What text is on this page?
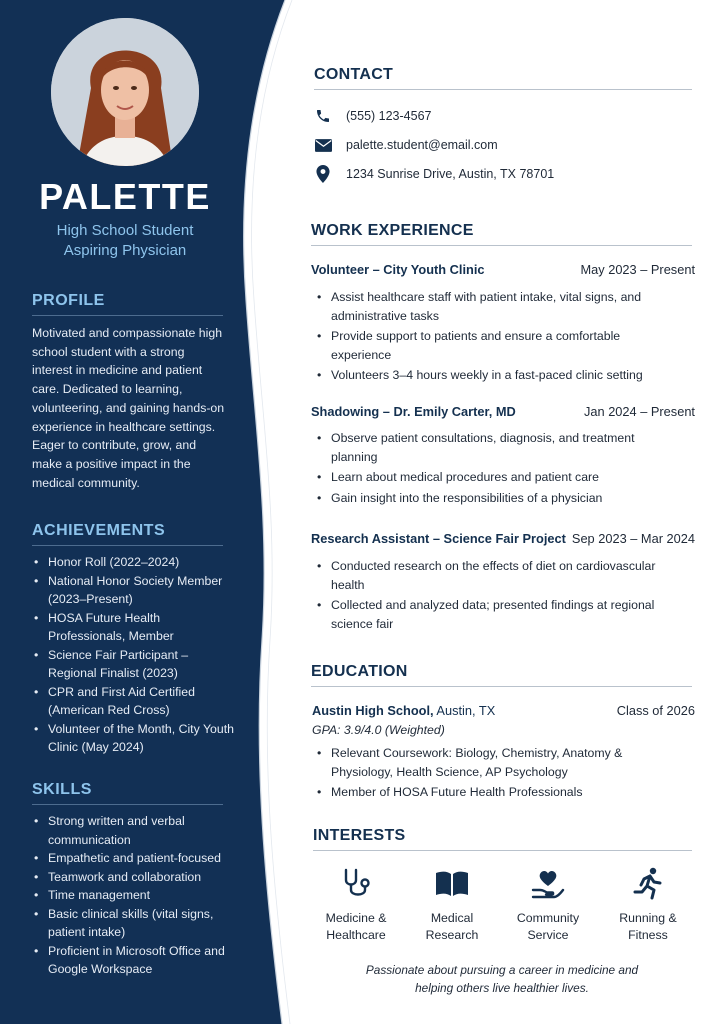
PALETTE
High School Student
Aspiring Physician
PROFILE
Motivated and compassionate high school student with a strong interest in medicine and patient care. Dedicated to learning, volunteering, and gaining hands-on experience in healthcare settings. Eager to contribute, grow, and make a positive impact in the medical community.
ACHIEVEMENTS
• Honor Roll (2022–2024)
• National Honor Society Member (2023–Present)
• HOSA Future Health Professionals, Member
• Science Fair Participant – Regional Finalist (2023)
• CPR and First Aid Certified (American Red Cross)
• Volunteer of the Month, City Youth Clinic (May 2024)
SKILLS
• Strong written and verbal communication
• Empathetic and patient-focused
• Teamwork and collaboration
• Time management
• Basic clinical skills (vital signs, patient intake)
• Proficient in Microsoft Office and Google Workspace
CONTACT
(555) 123-4567
palette.student@email.com
1234 Sunrise Drive, Austin, TX 78701
WORK EXPERIENCE
Volunteer – City Youth Clinic	May 2023 – Present
• Assist healthcare staff with patient intake, vital signs, and administrative tasks
• Provide support to patients and ensure a comfortable experience
• Volunteers 3–4 hours weekly in a fast-paced clinic setting
Shadowing – Dr. Emily Carter, MD	Jan 2024 – Present
• Observe patient consultations, diagnosis, and treatment planning
• Learn about medical procedures and patient care
• Gain insight into the responsibilities of a physician
Research Assistant – Science Fair Project Sep 2023 – Mar 2024
• Conducted research on the effects of diet on cardiovascular health
• Collected and analyzed data; presented findings at regional science fair
EDUCATION
Austin High School, Austin, TX	Class of 2026
GPA: 3.9/4.0 (Weighted)
• Relevant Coursework: Biology, Chemistry, Anatomy & Physiology, Health Science, AP Psychology
• Member of HOSA Future Health Professionals
INTERESTS
Medicine &
Healthcare
Medical
Research
Community
Service
Running &
Fitness
Passionate about pursuing a career in medicine and
helping others live healthier lives.
